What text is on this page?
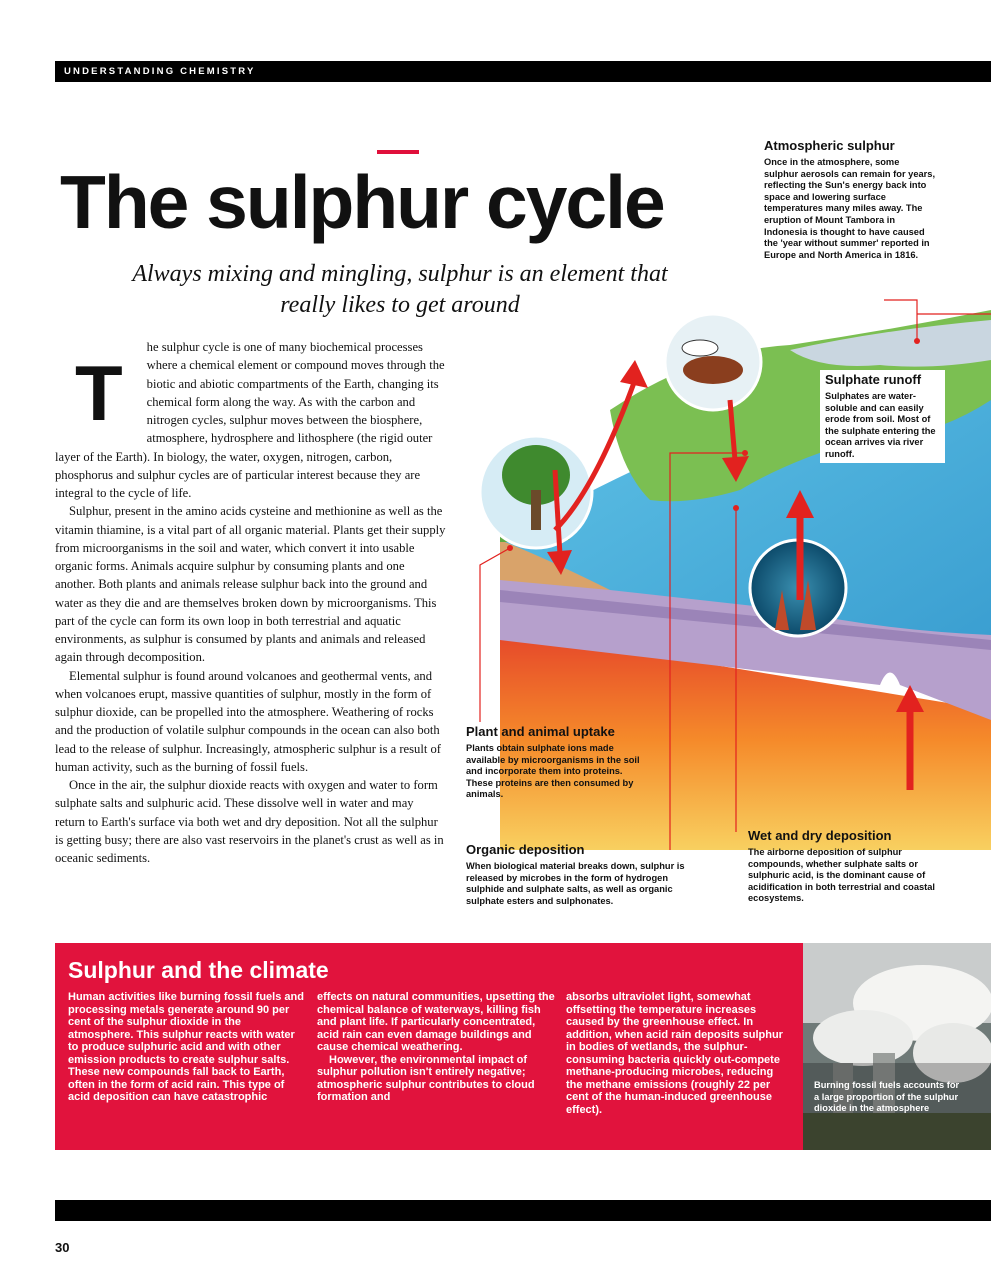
UNDERSTANDING CHEMISTRY
The sulphur cycle
Always mixing and mingling, sulphur is an element that really likes to get around

T
he sulphur cycle is one of many biochemical processes where a chemical element or compound moves through the biotic and abiotic compartments of the Earth, changing its chemical form along the way. As with the carbon and nitrogen cycles, sulphur moves between the biosphere, atmosphere, hydrosphere and lithosphere (the rigid outer layer of the Earth). In biology, the water, oxygen, nitrogen, carbon, phosphorus and sulphur cycles are of particular interest because they are integral to the cycle of life.

Sulphur, present in the amino acids cysteine and methionine as well as the vitamin thiamine, is a vital part of all organic material. Plants get their supply from microorganisms in the soil and water, which convert it into usable organic forms. Animals acquire sulphur by consuming plants and one another. Both plants and animals release sulphur back into the ground and water as they die and are themselves broken down by microorganisms. This part of the cycle can form its own loop in both terrestrial and aquatic environments, as sulphur is consumed by plants and animals and released again through decomposition.

Elemental sulphur is found around volcanoes and geothermal vents, and when volcanoes erupt, massive quantities of sulphur, mostly in the form of sulphur dioxide, can be propelled into the atmosphere. Weathering of rocks and the production of volatile sulphur compounds in the ocean can also both lead to the release of sulphur. Increasingly, atmospheric sulphur is a result of human activity, such as the burning of fossil fuels.

Once in the air, the sulphur dioxide reacts with oxygen and water to form sulphate salts and sulphuric acid. These dissolve well in water and may return to Earth's surface via both wet and dry deposition. Not all the sulphur is getting busy; there are also vast reservoirs in the planet's crust as well as in oceanic sediments.

Atmospheric sulphur

Once in the atmosphere, some sulphur aerosols can remain for years, reflecting the Sun's energy back into space and lowering surface temperatures many miles away. The eruption of Mount Tambora in Indonesia is thought to have caused the 'year without summer' reported in Europe and North America in 1816.

Sulphate runoff

Sulphates are water-soluble and can easily erode from soil. Most of the sulphate entering the ocean arrives via river runoff.

Plant and animal uptake

Plants obtain sulphate ions made available by microorganisms in the soil and incorporate them into proteins. These proteins are then consumed by animals.

Organic deposition

When biological material breaks down, sulphur is released by microbes in the form of hydrogen sulphide and sulphate salts, as well as organic sulphate esters and sulphonates.

Wet and dry deposition

The airborne deposition of sulphur compounds, whether sulphate salts or sulphuric acid, is the dominant cause of acidification in both terrestrial and coastal ecosystems.

Sulphur and the climate

Human activities like burning fossil fuels and processing metals generate around 90 per cent of the sulphur dioxide in the atmosphere. This sulphur reacts with water to produce sulphuric acid and with other emission products to create sulphur salts. These new compounds fall back to Earth, often in the form of acid rain. This type of acid deposition can have catastrophic

effects on natural communities, upsetting the chemical balance of waterways, killing fish and plant life. If particularly concentrated, acid rain can even damage buildings and cause chemical weathering.

However, the environmental impact of sulphur pollution isn't entirely negative; atmospheric sulphur contributes to cloud formation and

absorbs ultraviolet light, somewhat offsetting the temperature increases caused by the greenhouse effect. In addition, when acid rain deposits sulphur in bodies of wetlands, the sulphur-consuming bacteria quickly out-compete methane-producing microbes, reducing the methane emissions (roughly 22 per cent of the human-induced greenhouse effect).

Burning fossil fuels accounts for a large proportion of the sulphur dioxide in the atmosphere
30
